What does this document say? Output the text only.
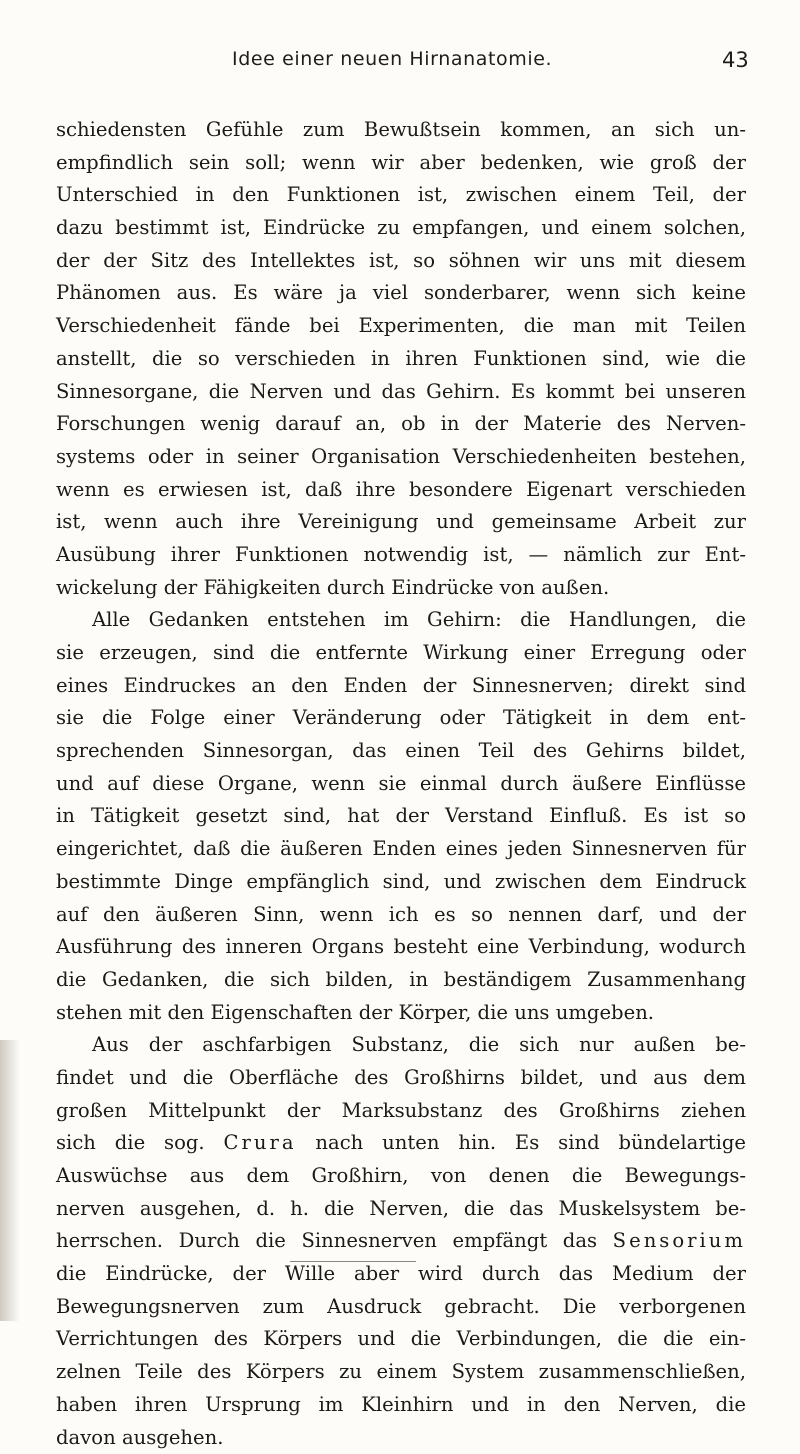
Idee einer neuen Hirnanatomie.	43
schiedensten Gefühle zum Bewußtsein kommen, an sich un-
empfindlich sein soll; wenn wir aber bedenken, wie groß der
Unterschied in den Funktionen ist, zwischen einem Teil, der
dazu bestimmt ist, Eindrücke zu empfangen, und einem solchen,
der der Sitz des Intellektes ist, so söhnen wir uns mit diesem
Phänomen aus. Es wäre ja viel sonderbarer, wenn sich keine
Verschiedenheit fände bei Experimenten, die man mit Teilen
anstellt, die so verschieden in ihren Funktionen sind, wie die
Sinnesorgane, die Nerven und das Gehirn. Es kommt bei unseren
Forschungen wenig darauf an, ob in der Materie des Nerven-
systems oder in seiner Organisation Verschiedenheiten bestehen,
wenn es erwiesen ist, daß ihre besondere Eigenart verschieden
ist, wenn auch ihre Vereinigung und gemeinsame Arbeit zur
Ausübung ihrer Funktionen notwendig ist, — nämlich zur Ent-
wickelung der Fähigkeiten durch Eindrücke von außen.
Alle Gedanken entstehen im Gehirn: die Handlungen, die
sie erzeugen, sind die entfernte Wirkung einer Erregung oder
eines Eindruckes an den Enden der Sinnesnerven; direkt sind
sie die Folge einer Veränderung oder Tätigkeit in dem ent-
sprechenden Sinnesorgan, das einen Teil des Gehirns bildet,
und auf diese Organe, wenn sie einmal durch äußere Einflüsse
in Tätigkeit gesetzt sind, hat der Verstand Einfluß. Es ist so
eingerichtet, daß die äußeren Enden eines jeden Sinnesnerven für
bestimmte Dinge empfänglich sind, und zwischen dem Eindruck
auf den äußeren Sinn, wenn ich es so nennen darf, und der
Ausführung des inneren Organs besteht eine Verbindung, wodurch
die Gedanken, die sich bilden, in beständigem Zusammenhang
stehen mit den Eigenschaften der Körper, die uns umgeben.
Aus der aschfarbigen Substanz, die sich nur außen be-
findet und die Oberfläche des Großhirns bildet, und aus dem
großen Mittelpunkt der Marksubstanz des Großhirns ziehen
sich die sog. Crura nach unten hin. Es sind bündelartige
Auswüchse aus dem Großhirn, von denen die Bewegungs-
nerven ausgehen, d. h. die Nerven, die das Muskelsystem be-
herrschen. Durch die Sinnesnerven empfängt das Sensorium
die Eindrücke, der Wille aber wird durch das Medium der
Bewegungsnerven zum Ausdruck gebracht. Die verborgenen
Verrichtungen des Körpers und die Verbindungen, die die ein-
zelnen Teile des Körpers zu einem System zusammenschließen,
haben ihren Ursprung im Kleinhirn und in den Nerven, die
davon ausgehen.
